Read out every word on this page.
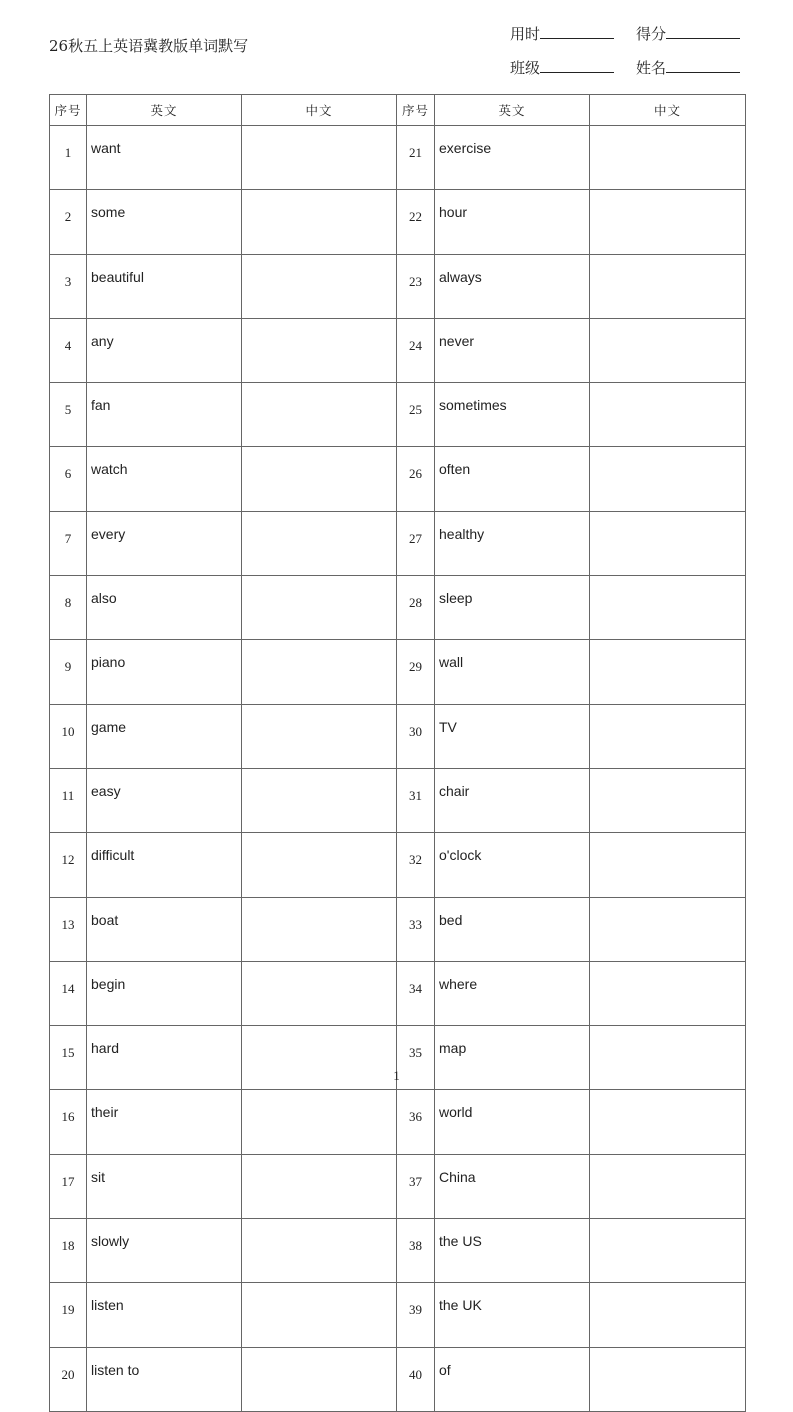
26秋五上英语冀教版单词默写
用时	得分
班级	姓名
序号	英文	中文	序号	英文	中文
1	want		21	exercise	
2	some		22	hour	
3	beautiful		23	always	
4	any		24	never	
5	fan		25	sometimes	
6	watch		26	often	
7	every		27	healthy	
8	also		28	sleep	
9	piano		29	wall	
10	game		30	TV	
11	easy		31	chair	
12	difficult		32	o'clock	
13	boat		33	bed	
14	begin		34	where	
15	hard		35	map	
16	their		36	world	
17	sit		37	China	
18	slowly		38	the US	
19	listen		39	the UK	
20	listen to		40	of	
1
